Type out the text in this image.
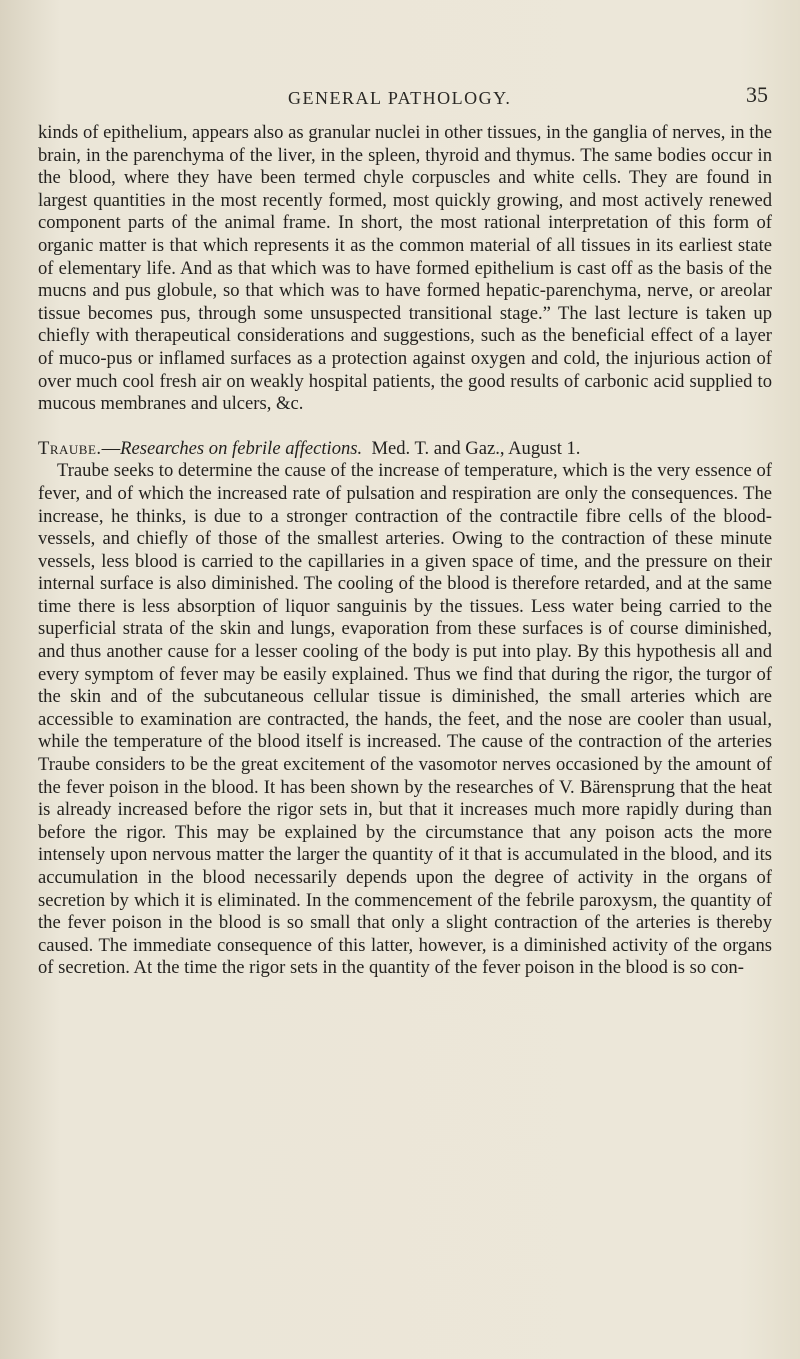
GENERAL PATHOLOGY.	35

kinds of epithelium, appears also as granular nuclei in other tissues, in the ganglia of nerves, in the brain, in the parenchyma of the liver, in the spleen, thyroid and thymus. The same bodies occur in the blood, where they have been termed chyle corpuscles and white cells. They are found in largest quantities in the most recently formed, most quickly growing, and most actively renewed component parts of the animal frame. In short, the most rational interpretation of this form of organic matter is that which represents it as the common material of all tissues in its earliest state of elementary life. And as that which was to have formed epithelium is cast off as the basis of the mucns and pus globule, so that which was to have formed hepatic-parenchyma, nerve, or areolar tissue becomes pus, through some unsuspected transitional stage.” The last lecture is taken up chiefly with therapeutical considerations and suggestions, such as the beneficial effect of a layer of muco-pus or inflamed surfaces as a protection against oxygen and cold, the injurious action of over much cool fresh air on weakly hospital patients, the good results of carbonic acid supplied to mucous membranes and ulcers, &c.

Traube.—Researches on febrile affections. Med. T. and Gaz., August 1.
Traube seeks to determine the cause of the increase of temperature, which is the very essence of fever, and of which the increased rate of pulsation and respiration are only the consequences. The increase, he thinks, is due to a stronger contraction of the contractile fibre cells of the blood-vessels, and chiefly of those of the smallest arteries. Owing to the contraction of these minute vessels, less blood is carried to the capillaries in a given space of time, and the pressure on their internal surface is also diminished. The cooling of the blood is therefore retarded, and at the same time there is less absorption of liquor sanguinis by the tissues. Less water being carried to the superficial strata of the skin and lungs, evaporation from these surfaces is of course diminished, and thus another cause for a lesser cooling of the body is put into play. By this hypothesis all and every symptom of fever may be easily explained. Thus we find that during the rigor, the turgor of the skin and of the subcutaneous cellular tissue is diminished, the small arteries which are accessible to examination are contracted, the hands, the feet, and the nose are cooler than usual, while the temperature of the blood itself is increased. The cause of the contraction of the arteries Traube considers to be the great excitement of the vasomotor nerves occasioned by the amount of the fever poison in the blood. It has been shown by the researches of V. Bärensprung that the heat is already increased before the rigor sets in, but that it increases much more rapidly during than before the rigor. This may be explained by the circumstance that any poison acts the more intensely upon nervous matter the larger the quantity of it that is accumulated in the blood, and its accumulation in the blood necessarily depends upon the degree of activity in the organs of secretion by which it is eliminated. In the commencement of the febrile paroxysm, the quantity of the fever poison in the blood is so small that only a slight contraction of the arteries is thereby caused. The immediate consequence of this latter, however, is a diminished activity of the organs of secretion. At the time the rigor sets in the quantity of the fever poison in the blood is so con-
